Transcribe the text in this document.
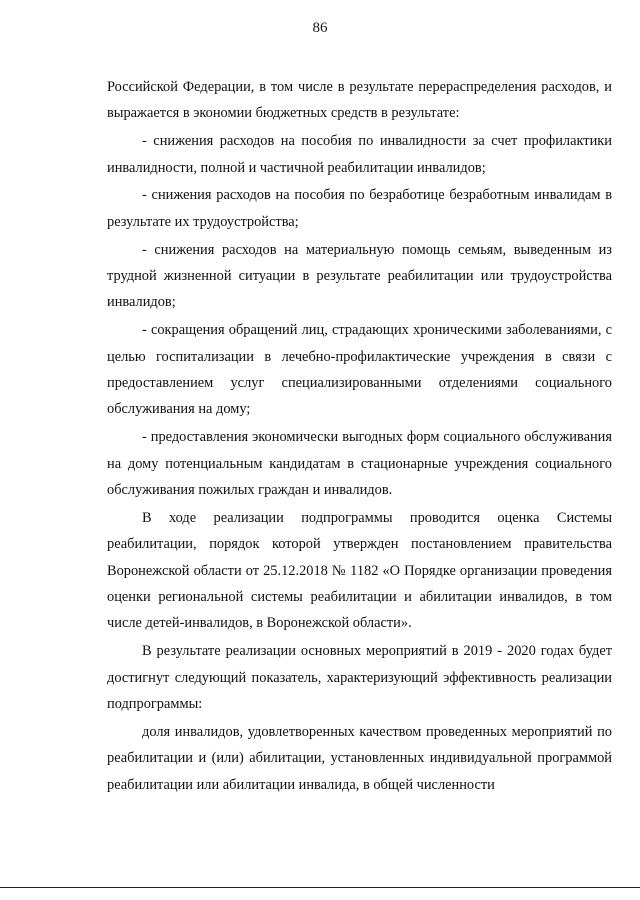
86

Российской Федерации, в том числе в результате перераспределения расходов, и выражается в экономии бюджетных средств в результате:

- снижения расходов на пособия по инвалидности за счет профилактики инвалидности, полной и частичной реабилитации инвалидов;

- снижения расходов на пособия по безработице безработным инвалидам в результате их трудоустройства;

- снижения расходов на материальную помощь семьям, выведенным из трудной жизненной ситуации в результате реабилитации или трудоустройства инвалидов;

- сокращения обращений лиц, страдающих хроническими заболеваниями, с целью госпитализации в лечебно-профилактические учреждения в связи с предоставлением услуг специализированными отделениями социального обслуживания на дому;

- предоставления экономически выгодных форм социального обслуживания на дому потенциальным кандидатам в стационарные учреждения социального обслуживания пожилых граждан и инвалидов.

В ходе реализации подпрограммы проводится оценка Системы реабилитации, порядок которой утвержден постановлением правительства Воронежской области от 25.12.2018 № 1182 «О Порядке организации проведения оценки региональной системы реабилитации и абилитации инвалидов, в том числе детей-инвалидов, в Воронежской области».

В результате реализации основных мероприятий в 2019 - 2020 годах будет достигнут следующий показатель, характеризующий эффективность реализации подпрограммы:

доля инвалидов, удовлетворенных качеством проведенных мероприятий по реабилитации и (или) абилитации, установленных индивидуальной программой реабилитации или абилитации инвалида, в общей численности
